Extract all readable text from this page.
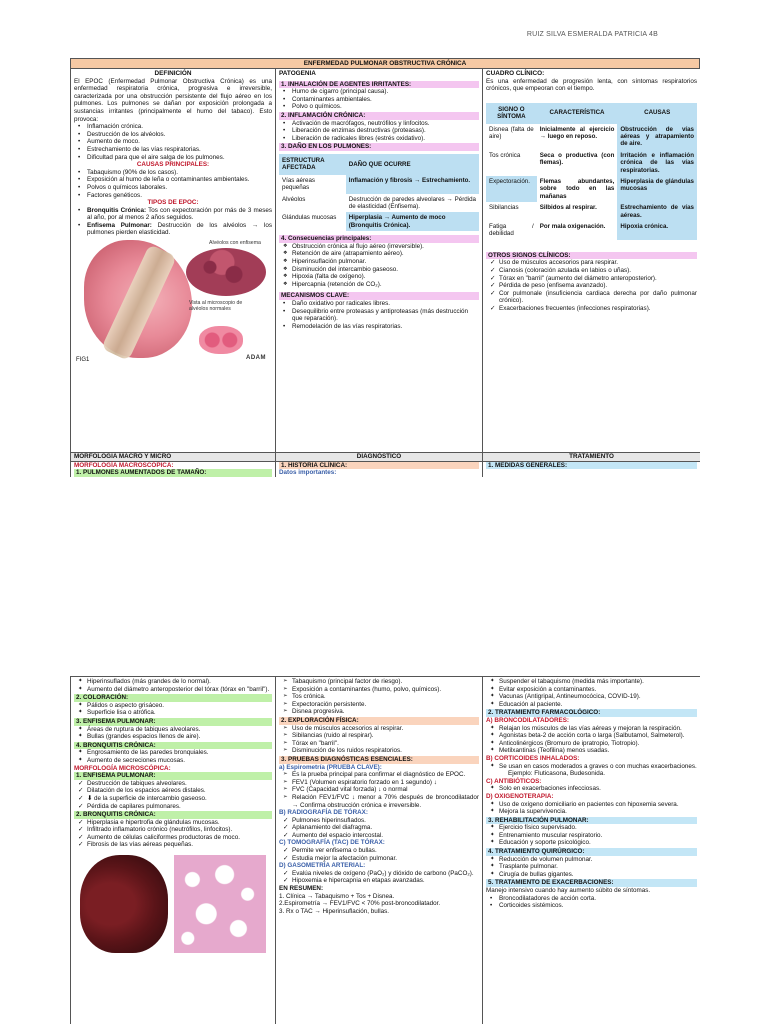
RUIZ SILVA ESMERALDA PATRICIA 4B
ENFERMEDAD PULMONAR OBSTRUCTIVA CRÓNICA
DEFINICIÓN

El EPOC (Enfermedad Pulmonar Obstructiva Crónica) es una enfermedad respiratoria crónica, progresiva e irreversible, caracterizada por una obstrucción persistente del flujo aéreo en los pulmones. Los pulmones se dañan por exposición prolongada a sustancias irritantes (principalmente el humo del tabaco). Esto provoca:

• Inflamación crónica.
• Destrucción de los alvéolos.
• Aumento de moco.
• Estrechamiento de las vías respiratorias.
• Dificultad para que el aire salga de los pulmones.
CAUSAS PRINCIPALES:
• Tabaquismo (90% de los casos).
• Exposición al humo de leña o contaminantes ambientales.
• Polvos o químicos laborales.
• Factores genéticos.
TIPOS DE EPOC:
• Bronquitis Crónica: Tos con expectoración por más de 3 meses al año, por al menos 2 años seguidos.
• Enfisema Pulmonar: Destrucción de los alvéolos → los pulmones pierden elasticidad.
Alvéolos con enfisema
Vista al microscopio de alvéolos normales
FIG1	ADAM
PATOGENIA
1. INHALACIÓN DE AGENTES IRRITANTES:
• Humo de cigarro (principal causa).
• Contaminantes ambientales.
• Polvo o químicos.
2. INFLAMACIÓN CRÓNICA:
• Activación de macrófagos, neutrófilos y linfocitos.
• Liberación de enzimas destructivas (proteasas).
• Liberación de radicales libres (estrés oxidativo).
3. DAÑO EN LOS PULMONES:
ESTRUCTURA AFECTADA	DAÑO QUE OCURRE
Vías aéreas pequeñas	Inflamación y fibrosis → Estrechamiento.
Alvéolos	Destrucción de paredes alveolares → Pérdida de elasticidad (Enfisema).
Glándulas mucosas	Hiperplasia → Aumento de moco (Bronquitis Crónica).
4. Consecuencias principales:
❖ Obstrucción crónica al flujo aéreo (irreversible).
❖ Retención de aire (atrapamiento aéreo).
❖ Hiperinsuflación pulmonar.
❖ Disminución del intercambio gaseoso.
❖ Hipoxia (falta de oxígeno).
❖ Hipercapnia (retención de CO₂).
MECANISMOS CLAVE:
• Daño oxidativo por radicales libres.
• Desequilibrio entre proteasas y antiproteasas (más destrucción que reparación).
• Remodelación de las vías respiratorias.
CUADRO CLÍNICO:

Es una enfermedad de progresión lenta, con síntomas respiratorios crónicos, que empeoran con el tiempo.

SIGNO O SÍNTOMA	CARACTERÍSTICA	CAUSAS
Disnea (falta de aire)	Inicialmente al ejercicio → luego en reposo.	Obstrucción de vías aéreas y atrapamiento de aire.
Tos crónica	Seca o productiva (con flemas).	Irritación e inflamación crónica de las vías respiratorias.
Expectoración.	Flemas abundantes, sobre todo en las mañanas	Hiperplasia de glándulas mucosas
Sibilancias	Silbidos al respirar.	Estrechamiento de vías aéreas.
Fatiga / debilidad	Por mala oxigenación.	Hipoxia crónica.
OTROS SIGNOS CLÍNICOS:
✓ Uso de músculos accesorios para respirar.
✓ Cianosis (coloración azulada en labios o uñas).
✓ Tórax en "barril" (aumento del diámetro anteroposterior).
✓ Pérdida de peso (enfisema avanzado).
✓ Cor pulmonale (insuficiencia cardiaca derecha por daño pulmonar crónico).
✓ Exacerbaciones frecuentes (infecciones respiratorias).
MORFOLOGIA MACRO Y MICRO	DIAGNÓSTICO	TRATAMIENTO
MORFOLOGÍA MACROSCÓPICA:
1. PULMONES AUMENTADOS DE TAMAÑO:
1. HISTORIA CLÍNICA:
Datos importantes:
1. MEDIDAS GENERALES:
✦ Hiperinsuflados (más grandes de lo normal).
✦ Aumento del diámetro anteroposterior del tórax (tórax en "barril").
2. COLORACIÓN:
✦ Pálidos o aspecto grisáceo.
✦ Superficie lisa o atrófica.
3. ENFISEMA PULMONAR:
✦ Áreas de ruptura de tabiques alveolares.
✦ Bullas (grandes espacios llenos de aire).
4. BRONQUITIS CRÓNICA:
✦ Engrosamiento de las paredes bronquiales.
✦ Aumento de secreciones mucosas.
MORFOLOGÍA MICROSCÓPICA:
1. ENFISEMA PULMONAR:
✓ Destrucción de tabiques alveolares.
✓ Dilatación de los espacios aéreos distales.
✓ ⬇ de la superficie de intercambio gaseoso.
✓ Pérdida de capilares pulmonares.
2. BRONQUITIS CRÓNICA:
✓ Hiperplasia e hipertrofia de glándulas mucosas.
✓ Infiltrado inflamatorio crónico (neutrófilos, linfocitos).
✓ Aumento de células caliciformes productoras de moco.
✓ Fibrosis de las vías aéreas pequeñas.
➢ Tabaquismo (principal factor de riesgo).
➢ Exposición a contaminantes (humo, polvo, químicos).
➢ Tos crónica.
➢ Expectoración persistente.
➢ Disnea progresiva.
2. EXPLORACIÓN FÍSICA:
➢ Uso de músculos accesorios al respirar.
➢ Sibilancias (ruido al respirar).
➢ Tórax en "barril".
➢ Disminución de los ruidos respiratorios.
3. PRUEBAS DIAGNÓSTICAS ESENCIALES:
a) Espirometría (PRUEBA CLAVE):
➢ Es la prueba principal para confirmar el diagnóstico de EPOC.
➢ FEV1 (Volumen espiratorio forzado en 1 segundo) ↓
➢ FVC (Capacidad vital forzada) ↓ o normal
➢ Relación FEV1/FVC ↓ menor a 70% después de broncodilatador → Confirma obstrucción crónica e irreversible.
B) RADIOGRAFÍA DE TÓRAX:
✓ Pulmones hiperinsuflados.
✓ Aplanamiento del diafragma.
✓ Aumento del espacio intercostal.
C) TOMOGRAFÍA (TAC) DE TÓRAX:
✓ Permite ver enfisema o bullas.
✓ Estudia mejor la afectación pulmonar.
D) GASOMETRÍA ARTERIAL:
✓ Evalúa niveles de oxígeno (PaO₂) y dióxido de carbono (PaCO₂).
✓ Hipoxemia e hipercapnia en etapas avanzadas.
EN RESUMEN:
1. Clínica → Tabaquismo + Tos + Disnea.
2.Espirometría → FEV1/FVC < 70% post-broncodilatador.
3. Rx o TAC → Hiperinsuflación, bullas.
✦ Suspender el tabaquismo (medida más importante).
✦ Evitar exposición a contaminantes.
✦ Vacunas (Antigripal, Antineumocócica, COVID-19).
✦ Educación al paciente.
2. TRATAMIENTO FARMACOLÓGICO:
A) BRONCODILATADORES:
✦ Relajan los músculos de las vías aéreas y mejoran la respiración.
✦ Agonistas beta-2 de acción corta o larga (Salbutamol, Salmeterol).
✦ Anticolinérgicos (Bromuro de ipratropio, Tiotropio).
✦ Metilxantinas (Teofilina) menos usadas.
B) CORTICOIDES INHALADOS:
✦ Se usan en casos moderados a graves o con muchas exacerbaciones.
Ejemplo: Fluticasona, Budesonida.
C) ANTIBIÓTICOS:
✦ Solo en exacerbaciones infecciosas.
D) OXIGENOTERAPIA:
✦ Uso de oxígeno domiciliario en pacientes con hipoxemia severa.
✦ Mejora la supervivencia.
3. REHABILITACIÓN PULMONAR:
✦ Ejercicio físico supervisado.
✦ Entrenamiento muscular respiratorio.
✦ Educación y soporte psicológico.
4. TRATAMIENTO QUIRÚRGICO:
✦ Reducción de volumen pulmonar.
✦ Trasplante pulmonar.
✦ Cirugía de bullas gigantes.
5. TRATAMIENTO DE EXACERBACIONES:
Manejo intensivo cuando hay aumento súbito de síntomas.
• Broncodilatadores de acción corta.
• Corticoides sistémicos.
